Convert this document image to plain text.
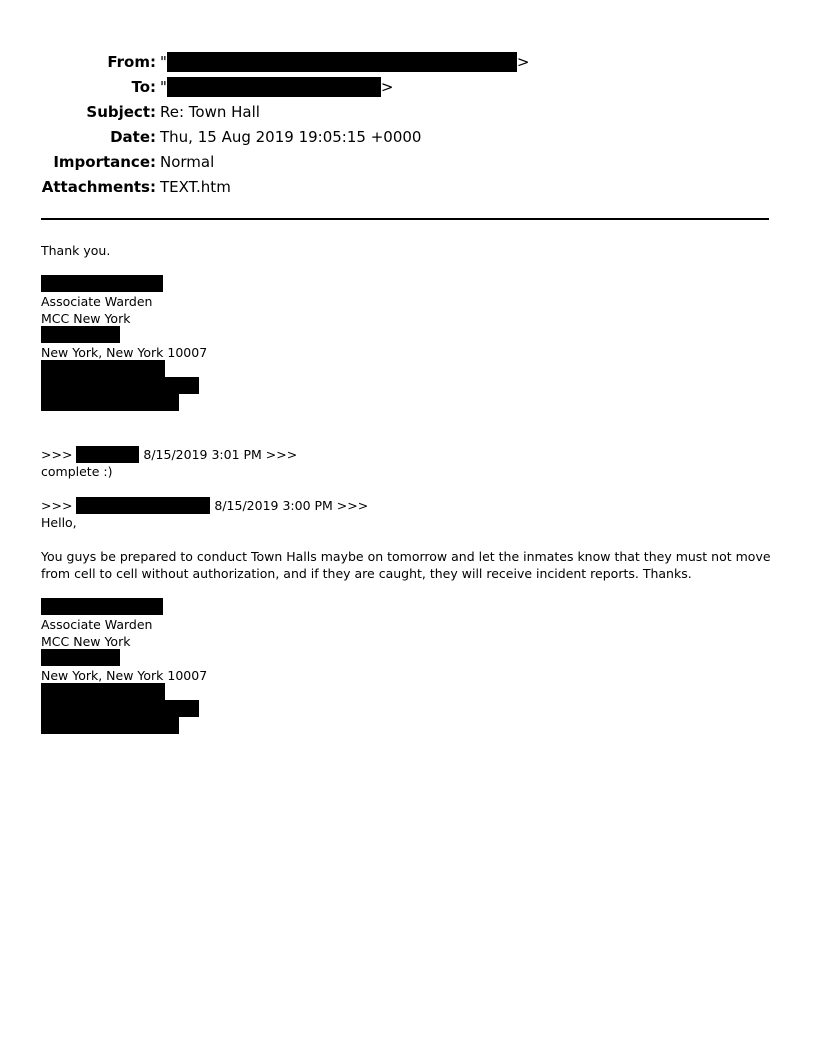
From: "	>
To: "	>
Subject: Re: Town Hall
Date: Thu, 15 Aug 2019 19:05:15 +0000
Importance: Normal
Attachments: TEXT.htm
Thank you.
Associate Warden
MCC New York
New York, New York 10007
>>>	8/15/2019 3:01 PM >>>
complete :)
>>>	8/15/2019 3:00 PM >>>
Hello,
You guys be prepared to conduct Town Halls maybe on tomorrow and let the inmates know that they must not move from cell to cell without authorization, and if they are caught, they will receive incident reports. Thanks.
Associate Warden
MCC New York
New York, New York 10007
